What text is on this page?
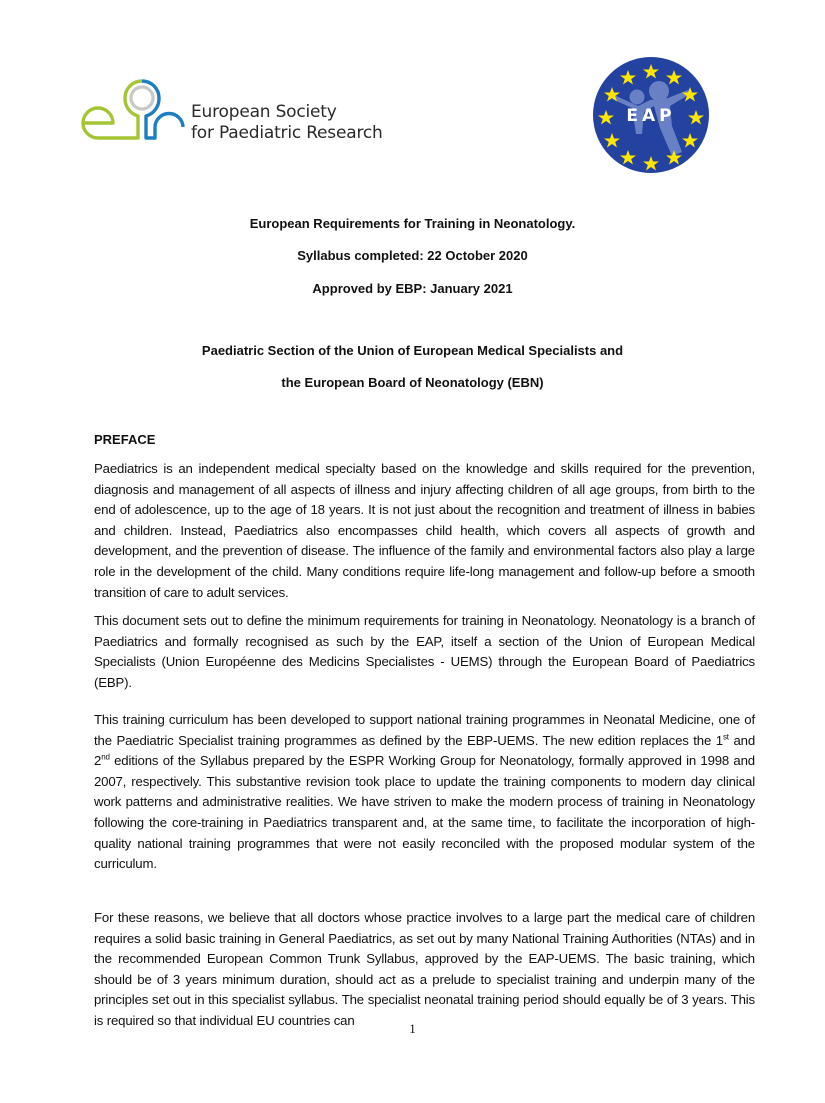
European Society
for Paediatric Research
EAP
European Requirements for Training in Neonatology.
Syllabus completed: 22 October 2020
Approved by EBP: January 2021
Paediatric Section of the Union of European Medical Specialists and
the European Board of Neonatology (EBN)
PREFACE

Paediatrics is an independent medical specialty based on the knowledge and skills required for the prevention, diagnosis and management of all aspects of illness and injury affecting children of all age groups, from birth to the end of adolescence, up to the age of 18 years. It is not just about the recognition and treatment of illness in babies and children. Instead, Paediatrics also encompasses child health, which covers all aspects of growth and development, and the prevention of disease. The influence of the family and environmental factors also play a large role in the development of the child. Many conditions require life-long management and follow-up before a smooth transition of care to adult services.

This document sets out to define the minimum requirements for training in Neonatology. Neonatology is a branch of Paediatrics and formally recognised as such by the EAP, itself a section of the Union of European Medical Specialists (Union Européenne des Medicins Specialistes - UEMS) through the European Board of Paediatrics (EBP).

This training curriculum has been developed to support national training programmes in Neonatal Medicine, one of the Paediatric Specialist training programmes as defined by the EBP-UEMS. The new edition replaces the 1st and 2nd editions of the Syllabus prepared by the ESPR Working Group for Neonatology, formally approved in 1998 and 2007, respectively. This substantive revision took place to update the training components to modern day clinical work patterns and administrative realities. We have striven to make the modern process of training in Neonatology following the core-training in Paediatrics transparent and, at the same time, to facilitate the incorporation of high-quality national training programmes that were not easily reconciled with the proposed modular system of the curriculum.

For these reasons, we believe that all doctors whose practice involves to a large part the medical care of children requires a solid basic training in General Paediatrics, as set out by many National Training Authorities (NTAs) and in the recommended European Common Trunk Syllabus, approved by the EAP-UEMS. The basic training, which should be of 3 years minimum duration, should act as a prelude to specialist training and underpin many of the principles set out in this specialist syllabus. The specialist neonatal training period should equally be of 3 years. This is required so that individual EU countries can

1
